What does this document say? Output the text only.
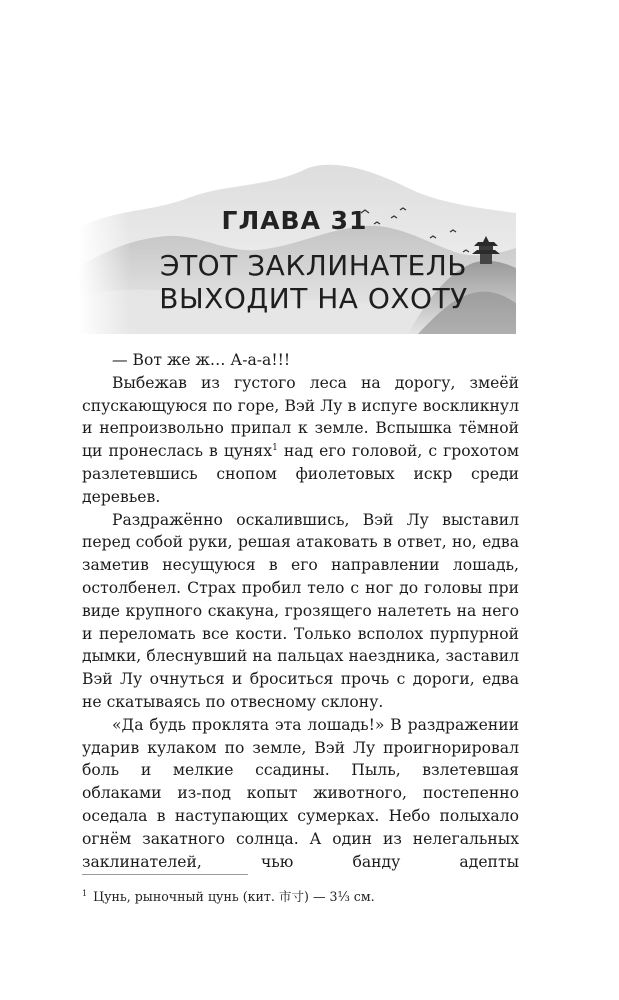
ГЛАВА 31
ЭТОТ ЗАКЛИНАТЕЛЬ
ВЫХОДИТ НА ОХОТУ

— Вот же ж… А-а-а!!!

Выбежав из густого леса на дорогу, змеёй спускающуюся по горе, Вэй Лу в испуге воскликнул и непроизвольно припал к земле. Вспышка тёмной ци пронеслась в цунях$^1$ над его головой, с грохотом разлетевшись снопом фиолетовых искр среди деревьев.

Раздражённо оскалившись, Вэй Лу выставил перед собой руки, решая атаковать в ответ, но, едва заметив несущуюся в его направлении лошадь, остолбенел. Страх пробил тело с ног до головы при виде крупного скакуна, грозящего налететь на него и переломать все кости. Только всполох пурпурной дымки, блеснувший на пальцах наездника, заставил Вэй Лу очнуться и броситься прочь с дороги, едва не скатываясь по отвесному склону.

«Да будь проклята эта лошадь!» В раздражении ударив кулаком по земле, Вэй Лу проигнорировал боль и мелкие ссадины. Пыль, взлетевшая облаками из-под копыт животного, постепенно оседала в наступающих сумерках. Небо полыхало огнём закатного солнца. А один из нелегальных заклинателей, чью банду адепты

$^1$ Цунь, рыночный цунь (кит. 市寸) — 3⅓ см.
